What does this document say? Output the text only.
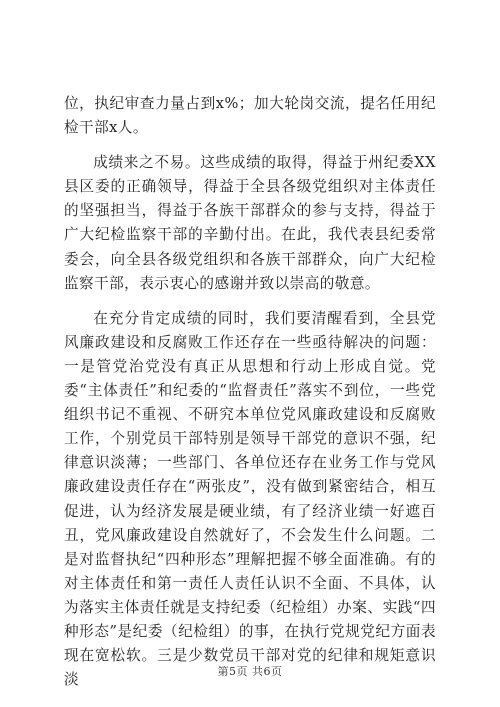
位，执纪审查力量占到x%；加大轮岗交流，提名任用纪检干部x人。

成绩来之不易。这些成绩的取得，得益于州纪委XX县区委的正确领导，得益于全县各级党组织对主体责任的坚强担当，得益于各族干部群众的参与支持，得益于广大纪检监察干部的辛勤付出。在此，我代表县纪委常委会，向全县各级党组织和各族干部群众，向广大纪检监察干部，表示衷心的感谢并致以崇高的敬意。

在充分肯定成绩的同时，我们要清醒看到，全县党风廉政建设和反腐败工作还存在一些亟待解决的问题：一是管党治党没有真正从思想和行动上形成自觉。党委“主体责任”和纪委的“监督责任”落实不到位，一些党组织书记不重视、不研究本单位党风廉政建设和反腐败工作，个别党员干部特别是领导干部党的意识不强，纪律意识淡薄；一些部门、各单位还存在业务工作与党风廉政建设责任存在“两张皮”，没有做到紧密结合，相互促进，认为经济发展是硬业绩，有了经济业绩一好遮百丑，党风廉政建设自然就好了，不会发生什么问题。二是对监督执纪“四种形态”理解把握不够全面准确。有的对主体责任和第一责任人责任认识不全面、不具体，认为落实主体责任就是支持纪委（纪检组）办案、实践“四种形态”是纪委（纪检组）的事，在执行党规党纪方面表现在宽松软。三是少数党员干部对党的纪律和规矩意识淡	第5页 共6页
